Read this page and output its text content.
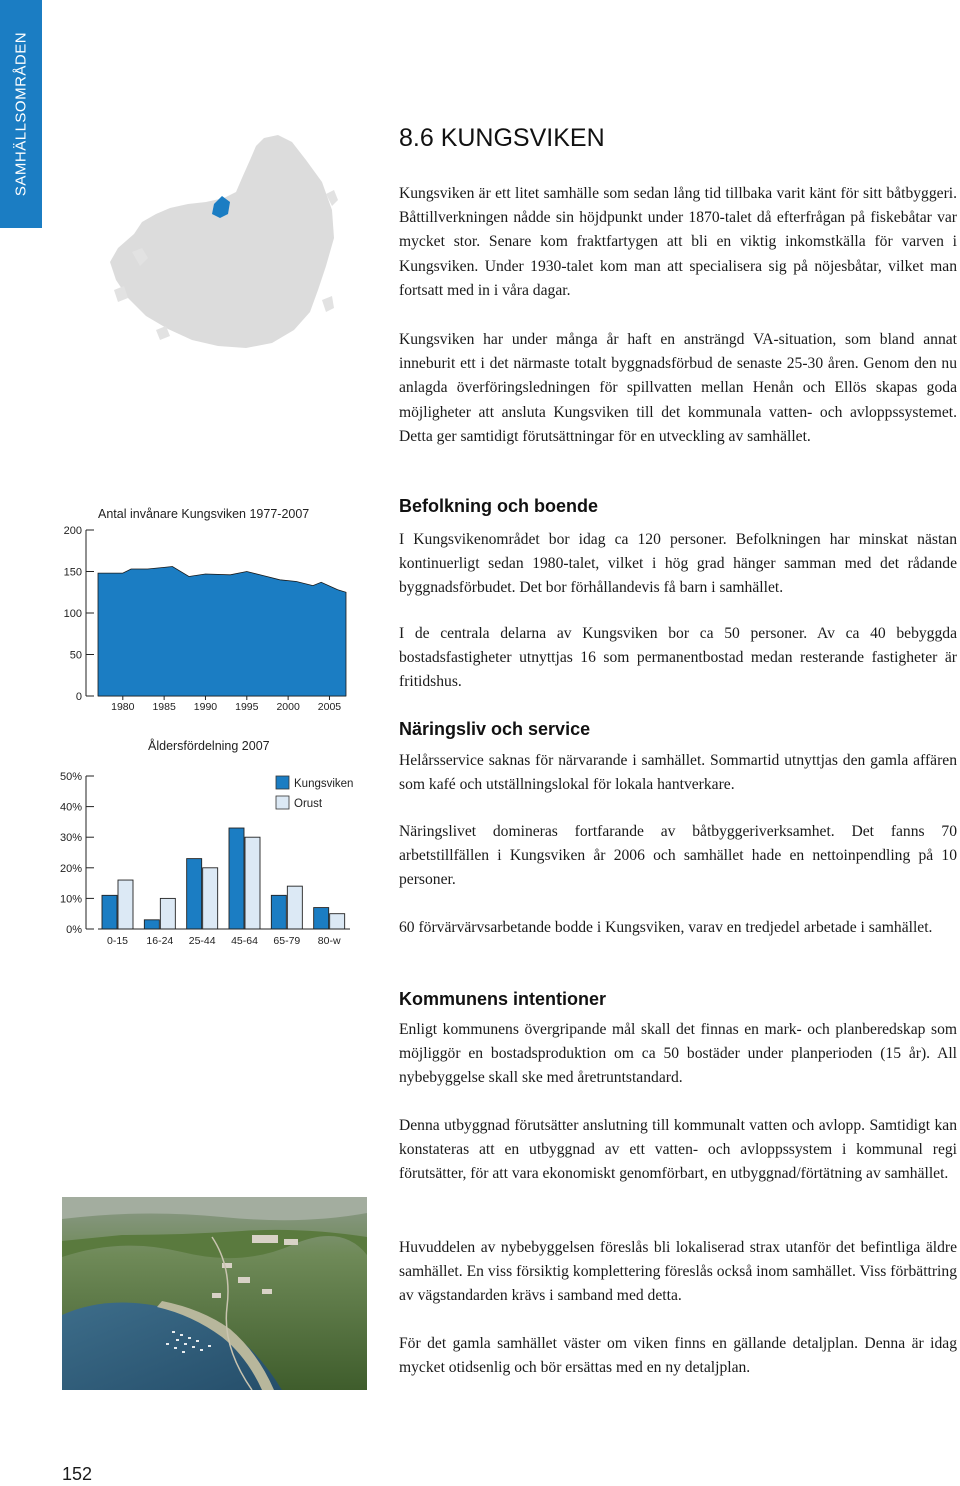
SAMHÄLLSOMRÅDEN	8.6 KUNGSVIKEN

Kungsviken är ett litet samhälle som sedan lång tid tillbaka varit känt för sitt båtbyggeri. Båttillverkningen nådde sin höjdpunkt under 1870-talet då efterfrågan på fiskebåtar var mycket stor. Senare kom fraktfartygen att bli en viktig inkomstkälla för varven i Kungsviken. Under 1930-talet kom man att specialisera sig på nöjesbåtar, vilket man fortsatt med in i våra dagar.

Kungsviken har under många år haft en ansträngd VA-situation, som bland annat inneburit ett i det närmaste totalt byggnadsförbud de senaste 25-30 åren. Genom den nu anlagda överföringsledningen för spillvatten mellan Henån och Ellös skapas goda möjligheter att ansluta Kungsviken till det kommunala vatten- och avloppssystemet. Detta ger samtidigt förutsättningar för en utveckling av samhället.

Befolkning och boende

I Kungsvikenområdet bor idag ca 120 personer. Befolkningen har minskat nästan kontinuerligt sedan 1980-talet, vilket i hög grad hänger samman med det rådande byggnadsförbudet. Det bor förhållandevis få barn i samhället.

I de centrala delarna av Kungsviken bor ca 50 personer. Av ca 40 bebyggda bostadsfastigheter utnyttjas 16 som permanentbostad medan resterande fastigheter är fritidshus.

Näringsliv och service

Helårsservice saknas för närvarande i samhället. Sommartid utnyttjas den gamla affären som kafé och utställningslokal för lokala hantverkare.

Näringslivet domineras fortfarande av båtbyggeriverksamhet. Det fanns 70 arbetstillfällen i Kungsviken år 2006 och samhället hade en nettoinpendling på 10 personer.

60 förvärvärvsarbetande bodde i Kungsviken, varav en tredjedel arbetade i samhället.

Kommunens intentioner

Enligt kommunens övergripande mål skall det finnas en mark- och planberedskap som möjliggör en bostadsproduktion om ca 50 bostäder under planperioden (15 år). All nybebyggelse skall ske med åretruntstandard.

Denna utbyggnad förutsätter anslutning till kommunalt vatten och avlopp. Samtidigt kan konstateras att en utbyggnad av ett vatten- och avloppssystem i kommunal regi förutsätter, för att vara ekonomiskt genomförbart, en utbyggnad/förtätning av samhället.

Huvuddelen av nybebyggelsen föreslås bli lokaliserad strax utanför det befintliga äldre samhället. En viss försiktig komplettering föreslås också inom samhället. Viss förbättring av vägstandarden krävs i samband med detta.

För det gamla samhället väster om viken finns en gällande detaljplan. Denna är idag mycket otidsenlig och bör ersättas med en ny detaljplan.

Antal invånare Kungsviken 1977-2007
0
50
100
150
200
1980 1985 1990 1995 2000 2005
Åldersfördelning 2007
0%
10%
20%
30%
40%
50%
0-15 16-24 25-44 45-64 65-79 80-w
Kungsviken
Orust
152
